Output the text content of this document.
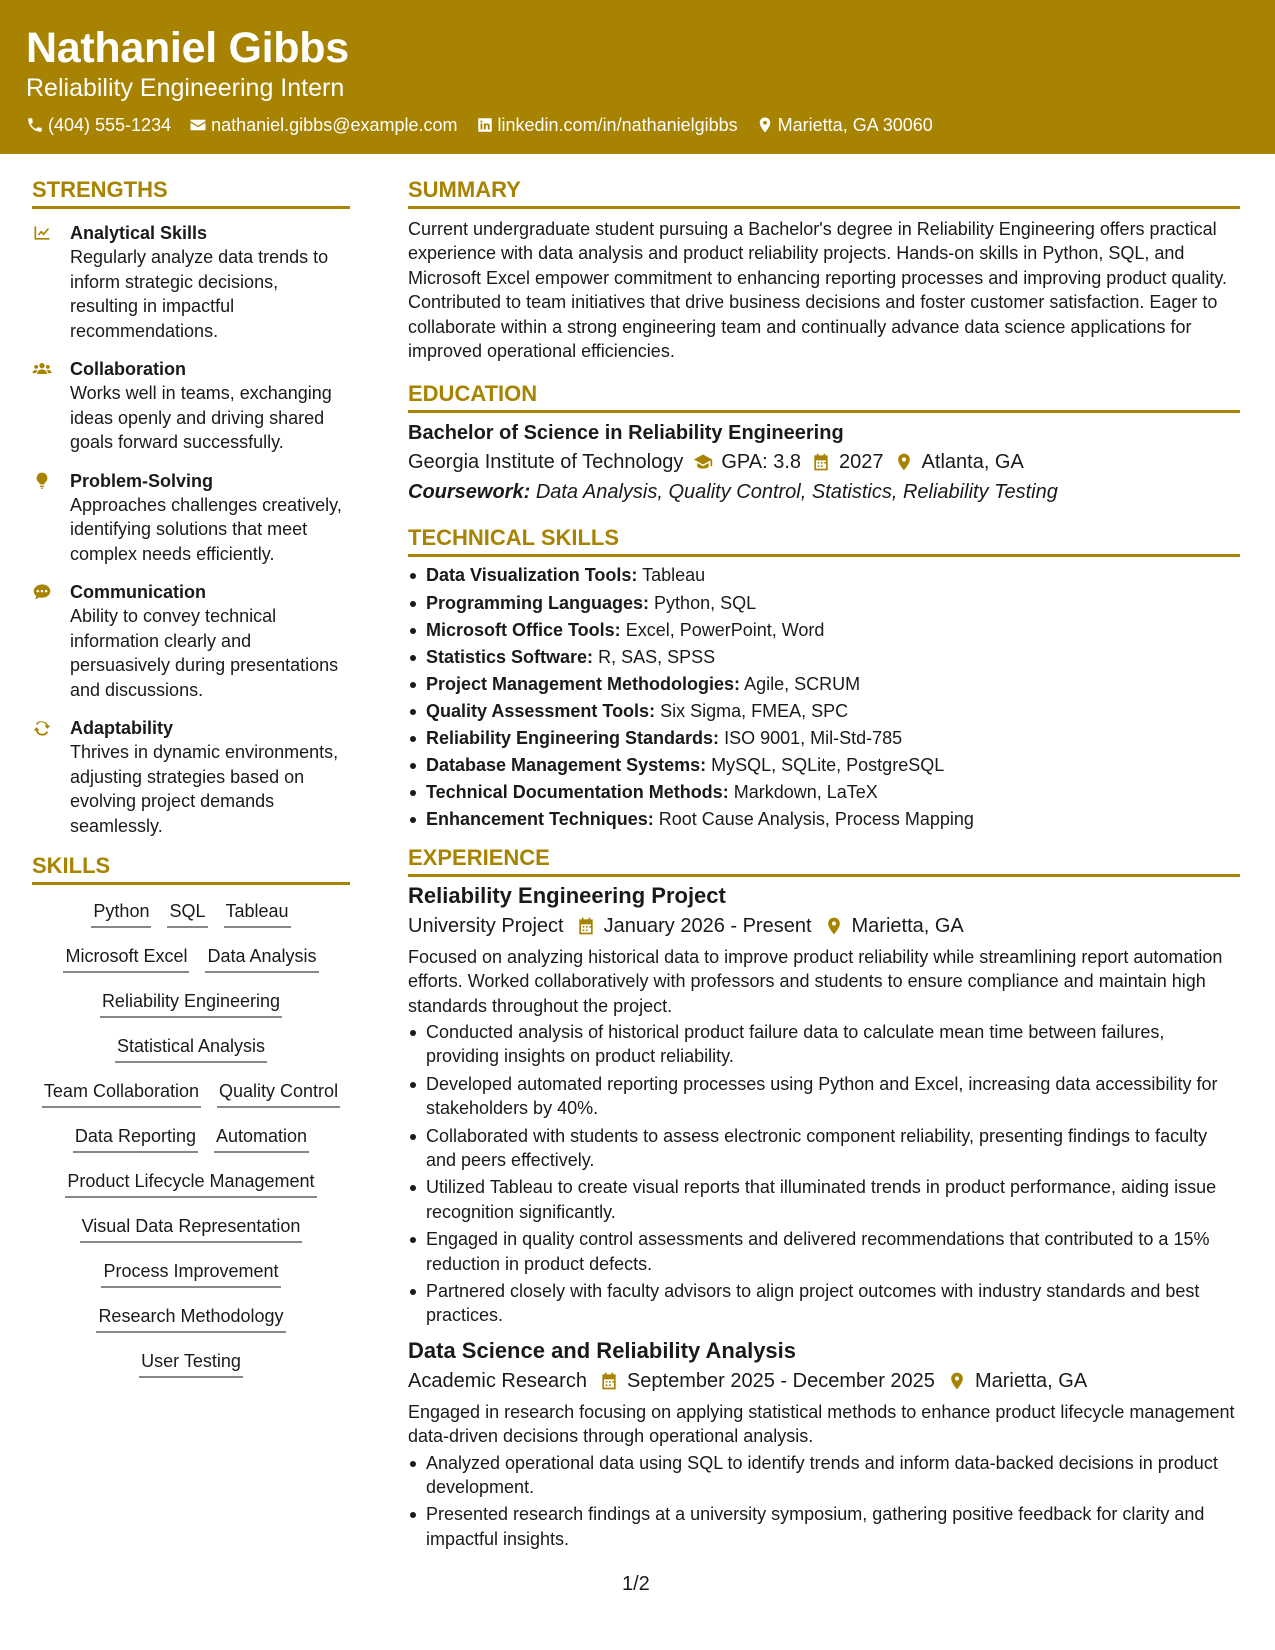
Nathaniel Gibbs
Reliability Engineering Intern
(404) 555-1234 nathaniel.gibbs@example.com linkedin.com/in/nathanielgibbs Marietta, GA 30060
STRENGTHS
Analytical Skills
Regularly analyze data trends to inform strategic decisions, resulting in impactful recommendations.
Collaboration
Works well in teams, exchanging ideas openly and driving shared goals forward successfully.
Problem-Solving
Approaches challenges creatively, identifying solutions that meet complex needs efficiently.
Communication
Ability to convey technical information clearly and persuasively during presentations and discussions.
Adaptability
Thrives in dynamic environments, adjusting strategies based on evolving project demands seamlessly.
SKILLS
Python SQL Tableau
Microsoft Excel Data Analysis
Reliability Engineering
Statistical Analysis
Team Collaboration Quality Control
Data Reporting Automation
Product Lifecycle Management
Visual Data Representation
Process Improvement
Research Methodology
User Testing
SUMMARY
Current undergraduate student pursuing a Bachelor's degree in Reliability Engineering offers practical experience with data analysis and product reliability projects. Hands-on skills in Python, SQL, and Microsoft Excel empower commitment to enhancing reporting processes and improving product quality. Contributed to team initiatives that drive business decisions and foster customer satisfaction. Eager to collaborate within a strong engineering team and continually advance data science applications for improved operational efficiencies.
EDUCATION
Bachelor of Science in Reliability Engineering
Georgia Institute of Technology GPA: 3.8 2027 Atlanta, GA
Coursework: Data Analysis, Quality Control, Statistics, Reliability Testing
TECHNICAL SKILLS
Data Visualization Tools: Tableau
Programming Languages: Python, SQL
Microsoft Office Tools: Excel, PowerPoint, Word
Statistics Software: R, SAS, SPSS
Project Management Methodologies: Agile, SCRUM
Quality Assessment Tools: Six Sigma, FMEA, SPC
Reliability Engineering Standards: ISO 9001, Mil-Std-785
Database Management Systems: MySQL, SQLite, PostgreSQL
Technical Documentation Methods: Markdown, LaTeX
Enhancement Techniques: Root Cause Analysis, Process Mapping
EXPERIENCE
Reliability Engineering Project
University Project January 2026 - Present Marietta, GA
Focused on analyzing historical data to improve product reliability while streamlining report automation efforts. Worked collaboratively with professors and students to ensure compliance and maintain high standards throughout the project.
Conducted analysis of historical product failure data to calculate mean time between failures, providing insights on product reliability.
Developed automated reporting processes using Python and Excel, increasing data accessibility for stakeholders by 40%.
Collaborated with students to assess electronic component reliability, presenting findings to faculty and peers effectively.
Utilized Tableau to create visual reports that illuminated trends in product performance, aiding issue recognition significantly.
Engaged in quality control assessments and delivered recommendations that contributed to a 15% reduction in product defects.
Partnered closely with faculty advisors to align project outcomes with industry standards and best practices.
Data Science and Reliability Analysis
Academic Research September 2025 - December 2025 Marietta, GA
Engaged in research focusing on applying statistical methods to enhance product lifecycle management data-driven decisions through operational analysis.
Analyzed operational data using SQL to identify trends and inform data-backed decisions in product development.
Presented research findings at a university symposium, gathering positive feedback for clarity and impactful insights.
1/2
